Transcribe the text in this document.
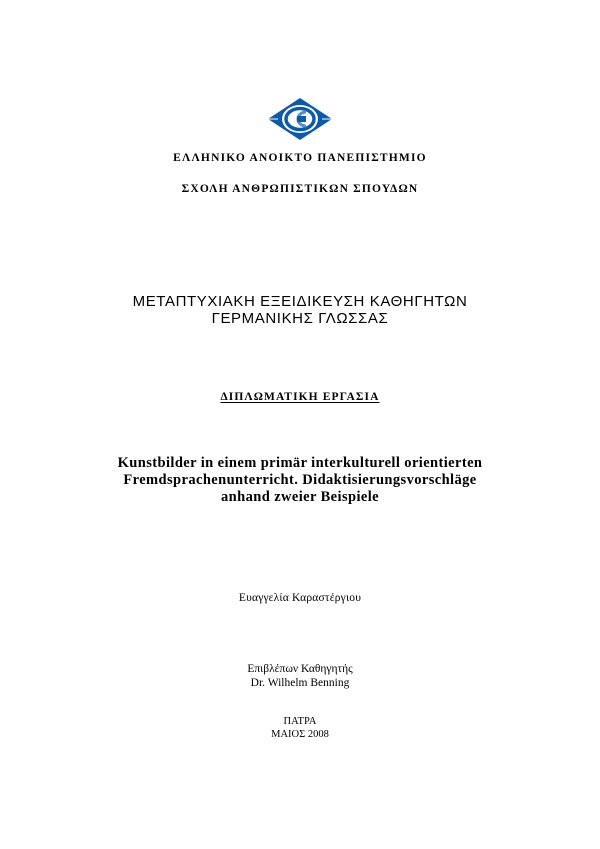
ΕΛΛΗΝΙΚΟ ΑΝΟΙΚΤΟ ΠΑΝΕΠΙΣΤΗΜΙΟ
ΣΧΟΛΗ ΑΝΘΡΩΠΙΣΤΙΚΩΝ ΣΠΟΥΔΩΝ
ΜΕΤΑΠΤΥΧΙΑΚΗ ΕΞΕΙΔΙΚΕΥΣΗ ΚΑΘΗΓΗΤΩΝ
ΓΕΡΜΑΝΙΚΗΣ ΓΛΩΣΣΑΣ
ΔΙΠΛΩΜΑΤΙΚΗ ΕΡΓΑΣΙΑ
Kunstbilder in einem primär interkulturell orientierten
Fremdsprachenunterricht. Didaktisierungsvorschläge
anhand zweier Beispiele
Ευαγγελία Καραστέργιου
Επιβλέπων Καθηγητής
Dr. Wilhelm Benning
ΠΑΤΡΑ
ΜΑΙΟΣ 2008
